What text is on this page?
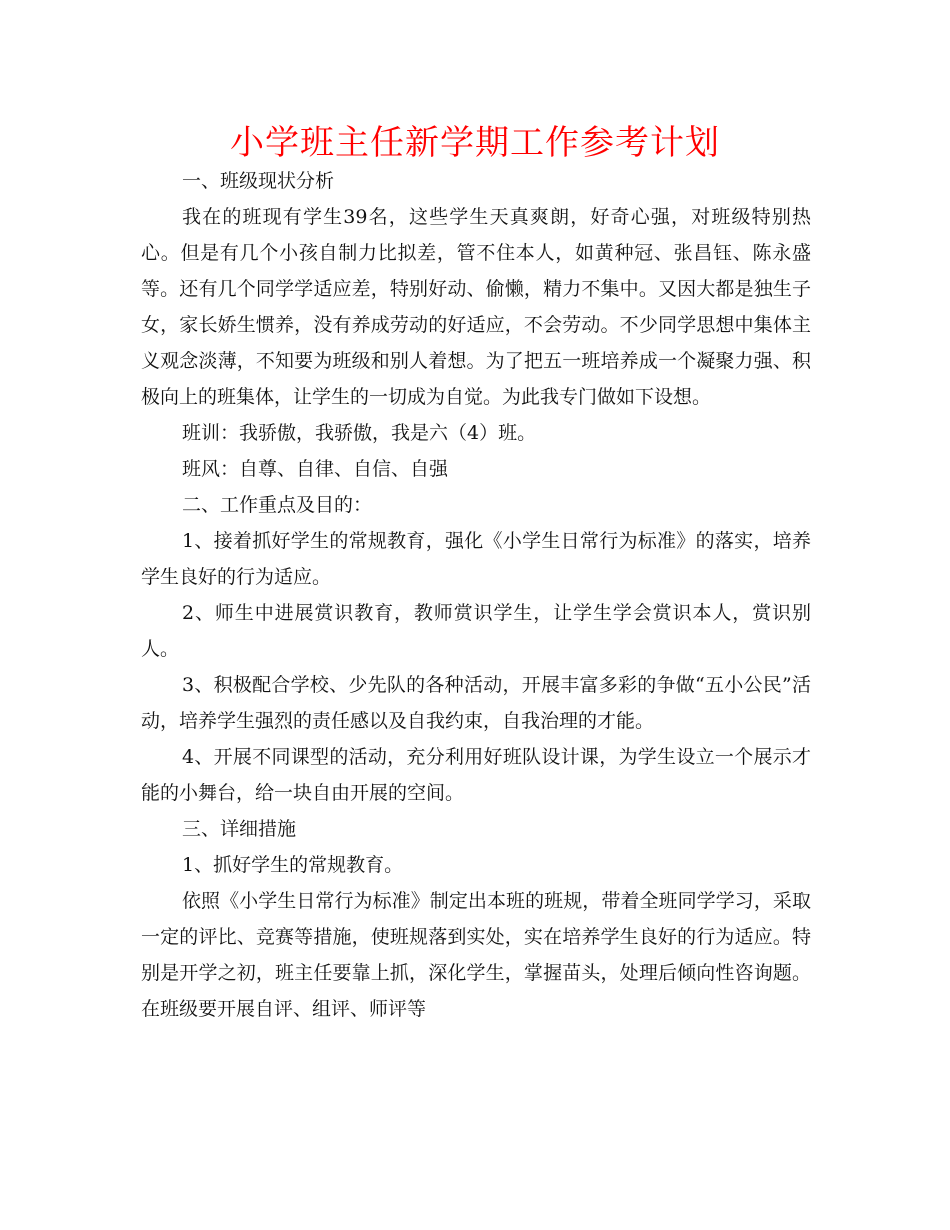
小学班主任新学期工作参考计划

一、班级现状分析

我在的班现有学生39名，这些学生天真爽朗，好奇心强，对班级特别热心。但是有几个小孩自制力比拟差，管不住本人，如黄种冠、张昌钰、陈永盛等。还有几个同学学适应差，特别好动、偷懒，精力不集中。又因大都是独生子女，家长娇生惯养，没有养成劳动的好适应，不会劳动。不少同学思想中集体主义观念淡薄，不知要为班级和别人着想。为了把五一班培养成一个凝聚力强、积极向上的班集体，让学生的一切成为自觉。为此我专门做如下设想。

班训：我骄傲，我骄傲，我是六（4）班。

班风：自尊、自律、自信、自强

二、工作重点及目的：

1、接着抓好学生的常规教育，强化《小学生日常行为标准》的落实，培养学生良好的行为适应。

2、师生中进展赏识教育，教师赏识学生，让学生学会赏识本人，赏识别人。

3、积极配合学校、少先队的各种活动，开展丰富多彩的争做“五小公民”活动，培养学生强烈的责任感以及自我约束，自我治理的才能。

4、开展不同课型的活动，充分利用好班队设计课，为学生设立一个展示才能的小舞台，给一块自由开展的空间。

三、详细措施

1、抓好学生的常规教育。

依照《小学生日常行为标准》制定出本班的班规，带着全班同学学习，采取一定的评比、竞赛等措施，使班规落到实处，实在培养学生良好的行为适应。特别是开学之初，班主任要靠上抓，深化学生，掌握苗头，处理后倾向性咨询题。在班级要开展自评、组评、师评等
